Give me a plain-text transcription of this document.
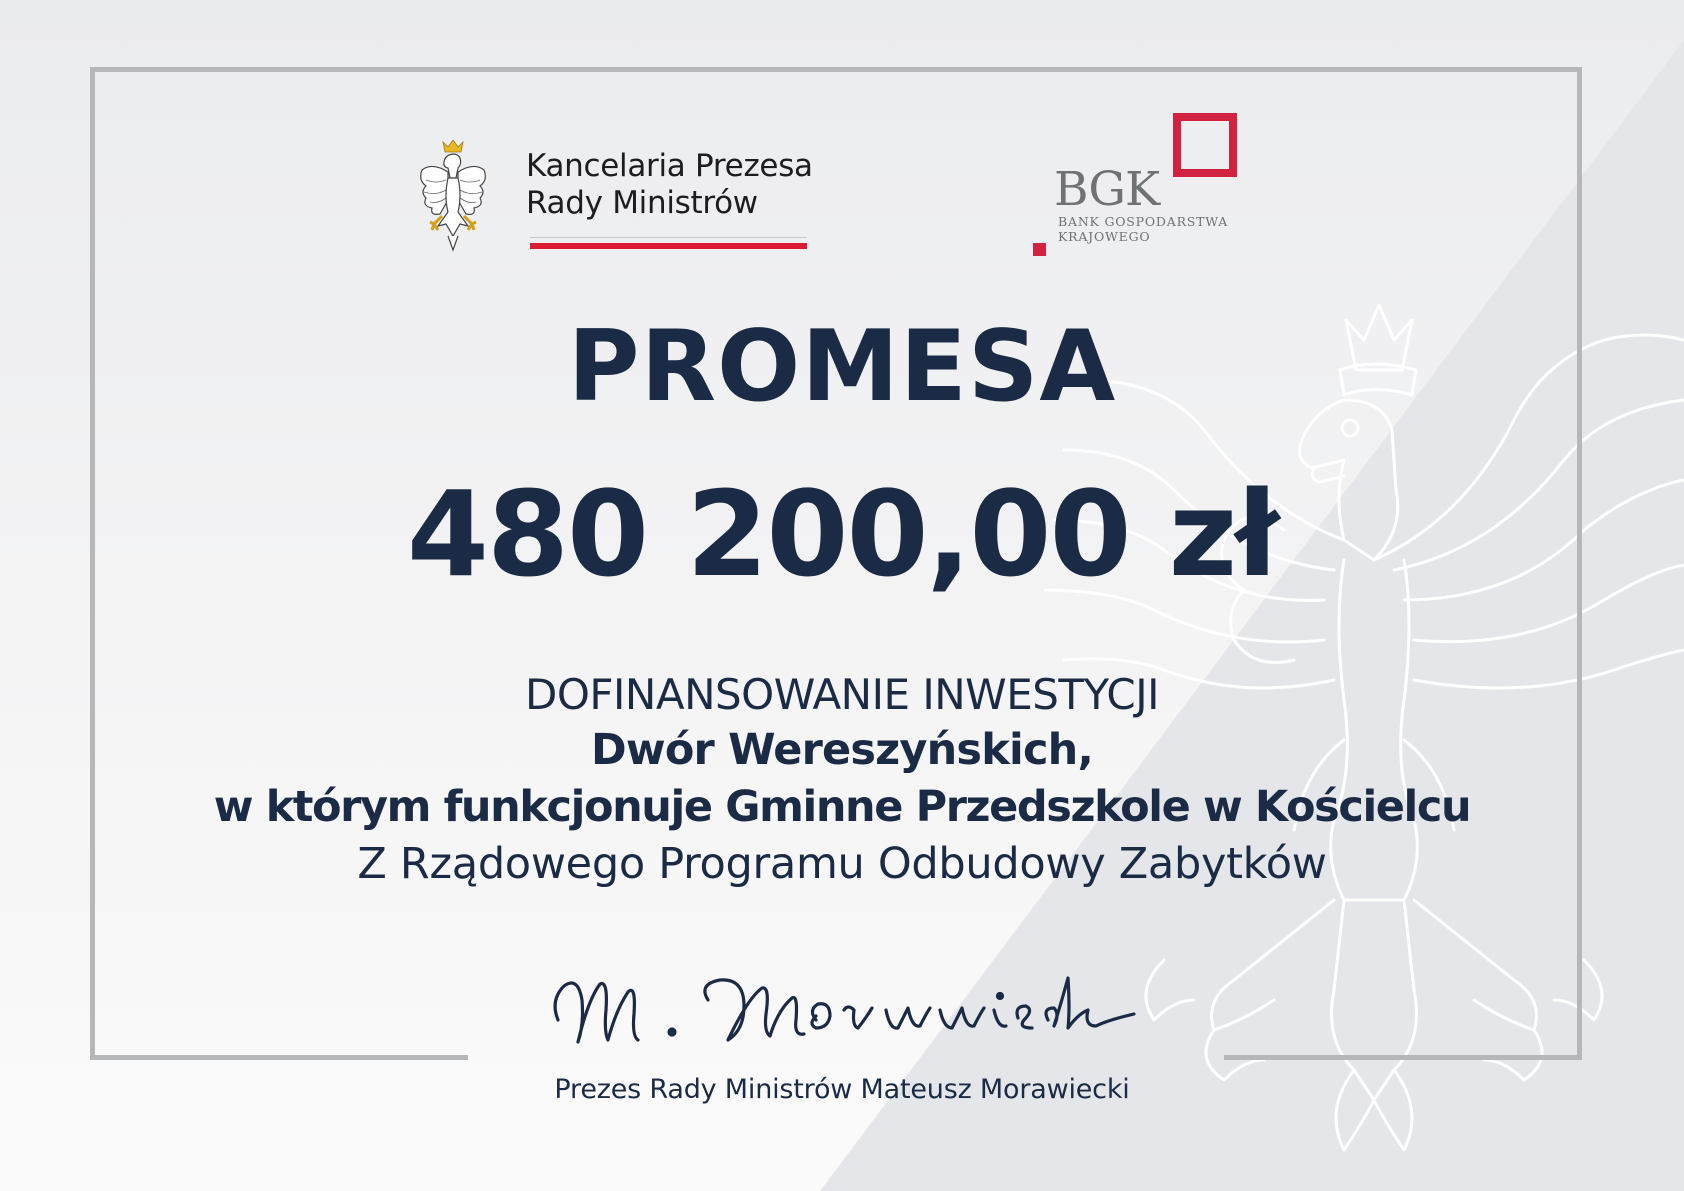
Kancelaria Prezesa
Rady Ministrów	BGK
BANK GOSPODARSTWA
KRAJOWEGO
PROMESA
480 200,00 zł
DOFINANSOWANIE INWESTYCJI
Dwór Wereszyńskich,
w którym funkcjonuje Gminne Przedszkole w Kościelcu
Z Rządowego Programu Odbudowy Zabytków
Prezes Rady Ministrów Mateusz Morawiecki
